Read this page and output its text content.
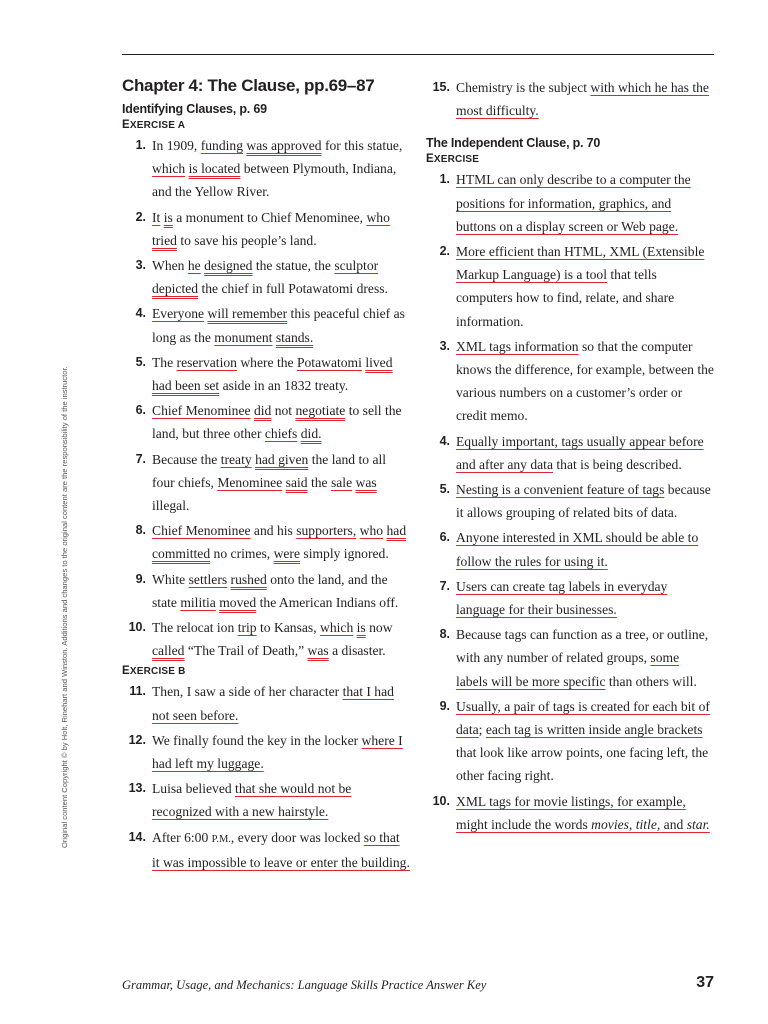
Original content Copyright © by Holt, Rinehart and Winston. Additions and changes to the original content are the responsibility of the instructor.
Chapter 4: The Clause, pp.69–87
Identifying Clauses, p. 69
EXERCISE A
1. In 1909, funding was approved for this statue, which is located between Plymouth, Indiana, and the Yellow River.
2. It is a monument to Chief Menominee, who tried to save his people’s land.
3. When he designed the statue, the sculptor depicted the chief in full Potawatomi dress.
4. Everyone will remember this peaceful chief as long as the monument stands.
5. The reservation where the Potawatomi lived had been set aside in an 1832 treaty.
6. Chief Menominee did not negotiate to sell the land, but three other chiefs did.
7. Because the treaty had given the land to all four chiefs, Menominee said the sale was illegal.
8. Chief Menominee and his supporters, who had committed no crimes, were simply ignored.
9. White settlers rushed onto the land, and the state militia moved the American Indians off.
10. The relocat ion trip to Kansas, which is now called “The Trail of Death,” was a disaster.
EXERCISE B
11. Then, I saw a side of her character that I had not seen before.
12. We finally found the key in the locker where I had left my luggage.
13. Luisa believed that she would not be recognized with a new hairstyle.
14. After 6:00 P.M., every door was locked so that it was impossible to leave or enter the building.
15. Chemistry is the subject with which he has the most difficulty.
The Independent Clause, p. 70
EXERCISE
1. HTML can only describe to a computer the positions for information, graphics, and buttons on a display screen or Web page.
2. More efficient than HTML, XML (Extensible Markup Language) is a tool that tells computers how to find, relate, and share information.
3. XML tags information so that the computer knows the difference, for example, between the various numbers on a customer’s order or credit memo.
4. Equally important, tags usually appear before and after any data that is being described.
5. Nesting is a convenient feature of tags because it allows grouping of related bits of data.
6. Anyone interested in XML should be able to follow the rules for using it.
7. Users can create tag labels in everyday language for their businesses.
8. Because tags can function as a tree, or outline, with any number of related groups, some labels will be more specific than others will.
9. Usually, a pair of tags is created for each bit of data; each tag is written inside angle brackets that look like arrow points, one facing left, the other facing right.
10. XML tags for movie listings, for example, might include the words movies, title, and star.
Grammar, Usage, and Mechanics: Language Skills Practice Answer Key	37
